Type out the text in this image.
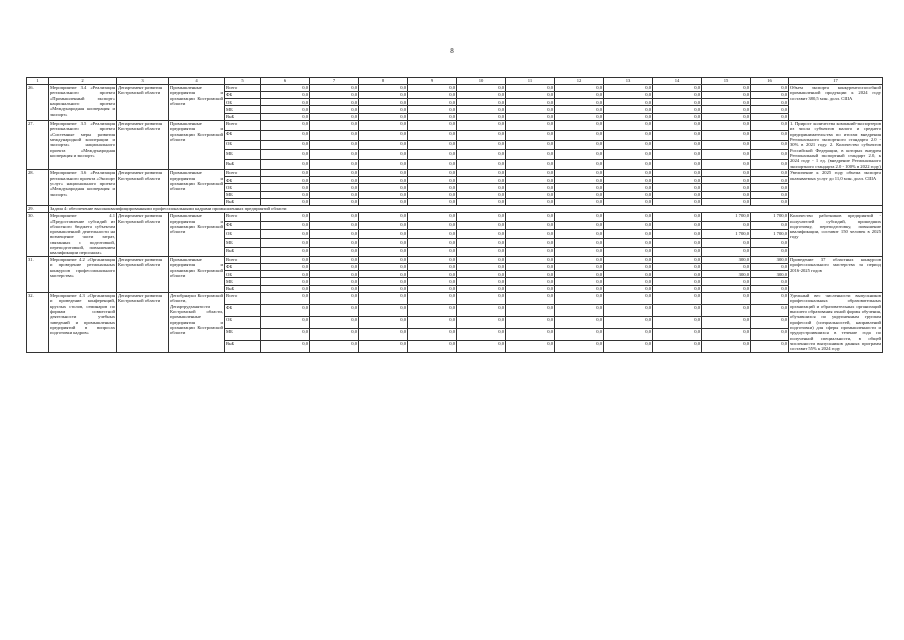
8
1	2	3	4	5	6	7	8	9	10	11	12	13	14	15	16	17
26.	Мероприятие 3.4 «Реализация регионального проекта «Промышленный экспорт» национального проекта «Международная кооперация и экспорт»	Департамент развития Костромской области	Промышленные предприятия и организации Костромской области	Всего	0,0	0,0	0,0	0,0	0,0	0,0	0,0	0,0	0,0	0,0	0,0	Объем экспорта конкурентоспособной промышленной продукции к 2024 году составит 380,5 млн. долл. США
				ФБ	0,0	0,0	0,0	0,0	0,0	0,0	0,0	0,0	0,0	0,0	0,0	
				ОБ	0,0	0,0	0,0	0,0	0,0	0,0	0,0	0,0	0,0	0,0	0,0	
				МБ	0,0	0,0	0,0	0,0	0,0	0,0	0,0	0,0	0,0	0,0	0,0	
				ВнБ	0,0	0,0	0,0	0,0	0,0	0,0	0,0	0,0	0,0	0,0	0,0	
27.	Мероприятие 3.5 «Реализация регионального проекта «Системные меры развития международной кооперации и экспорта» национального проекта «Международная кооперация и экспорт»	Департамент развития Костромской области	Промышленные предприятия и организации Костромской области	Всего	0,0	0,0	0,0	0,0	0,0	0,0	0,0	0,0	0,0	0,0	0,0	1. Прирост количества компаний-экспортеров из числа субъектов малого и среднего предпринимательства по итогам внедрения Регионального экспортного стандарта 2.0 - 30% в 2021 году. 2. Количество субъектов Российской Федерации, в которых внедрен Региональный экспортный стандарт 2.0, к 2024 году - 1 ед. (внедрение Регионального экспортного стандарта 2.0 - 100% в 2022 году)
				ФБ	0,0	0,0	0,0	0,0	0,0	0,0	0,0	0,0	0,0	0,0	0,0	
				ОБ	0,0	0,0	0,0	0,0	0,0	0,0	0,0	0,0	0,0	0,0	0,0	
				МБ	0,0	0,0	0,0	0,0	0,0	0,0	0,0	0,0	0,0	0,0	0,0	
				ВнБ	0,0	0,0	0,0	0,0	0,0	0,0	0,0	0,0	0,0	0,0	0,0	
28.	Мероприятие 3.6 «Реализация регионального проекта «Экспорт услуг» национального проекта «Международная кооперация и экспорт»	Департамент развития Костромской области	Промышленные предприятия и организации Костромской области	Всего	0,0	0,0	0,0	0,0	0,0	0,0	0,0	0,0	0,0	0,0	0,0	Увеличение к 2025 году объема экспорта оказываемых услуг до 11,0 млн. долл. США
				ФБ	0,0	0,0	0,0	0,0	0,0	0,0	0,0	0,0	0,0	0,0	0,0	
				ОБ	0,0	0,0	0,0	0,0	0,0	0,0	0,0	0,0	0,0	0,0	0,0	
				МБ	0,0	0,0	0,0	0,0	0,0	0,0	0,0	0,0	0,0	0,0	0,0	
				ВнБ	0,0	0,0	0,0	0,0	0,0	0,0	0,0	0,0	0,0	0,0	0,0	
29.	Задача 4: обеспечение высококвалифицированными профессиональными кадрами промышленных предприятий области															
30.	Мероприятие 4.1 «Предоставление субсидий из областного бюджета субъектам промышленной деятельности на возмещение части затрат, связанных с подготовкой, переподготовкой, повышением квалификации персонала»	Департамент развития Костромской области	Промышленные предприятия и организации Костромской области	Всего	0,0	0,0	0,0	0,0	0,0	0,0	0,0	0,0	0,0	1 700,0	1 700,0	Количество работников предприятий - получателей субсидий, прошедших подготовку, переподготовку, повышение квалификации, составит 150 человек в 2025 году
				ФБ	0,0	0,0	0,0	0,0	0,0	0,0	0,0	0,0	0,0	0,0	0,0	
				ОБ	0,0	0,0	0,0	0,0	0,0	0,0	0,0	0,0	0,0	1 700,0	1 700,0	
				МБ	0,0	0,0	0,0	0,0	0,0	0,0	0,0	0,0	0,0	0,0	0,0	
				ВнБ	0,0	0,0	0,0	0,0	0,0	0,0	0,0	0,0	0,0	0,0	0,0	
31.	Мероприятие 4.2 «Организация и проведение региональных конкурсов профессионального мастерства»	Департамент развития Костромской области	Промышленные предприятия и организации Костромской области	Всего	0,0	0,0	0,0	0,0	0,0	0,0	0,0	0,0	0,0	300,0	300,0	Проведение 37 областных конкурсов профессионального мастерства за период 2016-2025 годов
				ФБ	0,0	0,0	0,0	0,0	0,0	0,0	0,0	0,0	0,0	0,0	0,0	
				ОБ	0,0	0,0	0,0	0,0	0,0	0,0	0,0	0,0	0,0	300,0	300,0	
				МБ	0,0	0,0	0,0	0,0	0,0	0,0	0,0	0,0	0,0	0,0	0,0	
				ВнБ	0,0	0,0	0,0	0,0	0,0	0,0	0,0	0,0	0,0	0,0	0,0	
32.	Мероприятие 4.3 «Организация и проведение конференций, круглых столов, семинаров по формам совместной деятельности учебных заведений и промышленных предприятий в вопросах подготовки кадров»	Департамент развития Костромской области	Депобрнауки Костромской области, Департрудзанятости Костромской области, промышленные предприятия и организации Костромской области	Всего	0,0	0,0	0,0	0,0	0,0	0,0	0,0	0,0	0,0	0,0	0,0	Удельный вес численности выпускников профессиональных образовательных организаций и образовательных организаций высшего образования очной формы обучения, обучавшихся по укрупненным группам профессий (специальностей, направлений подготовки) для сферы промышленности и трудоустроившихся в течение года по полученной специальности, в общей численности выпускников данных программ составит 55% к 2024 году
				ФБ	0,0	0,0	0,0	0,0	0,0	0,0	0,0	0,0	0,0	0,0	0,0	
				ОБ	0,0	0,0	0,0	0,0	0,0	0,0	0,0	0,0	0,0	0,0	0,0	
				МБ	0,0	0,0	0,0	0,0	0,0	0,0	0,0	0,0	0,0	0,0	0,0	
				ВнБ	0,0	0,0	0,0	0,0	0,0	0,0	0,0	0,0	0,0	0,0	0,0	
